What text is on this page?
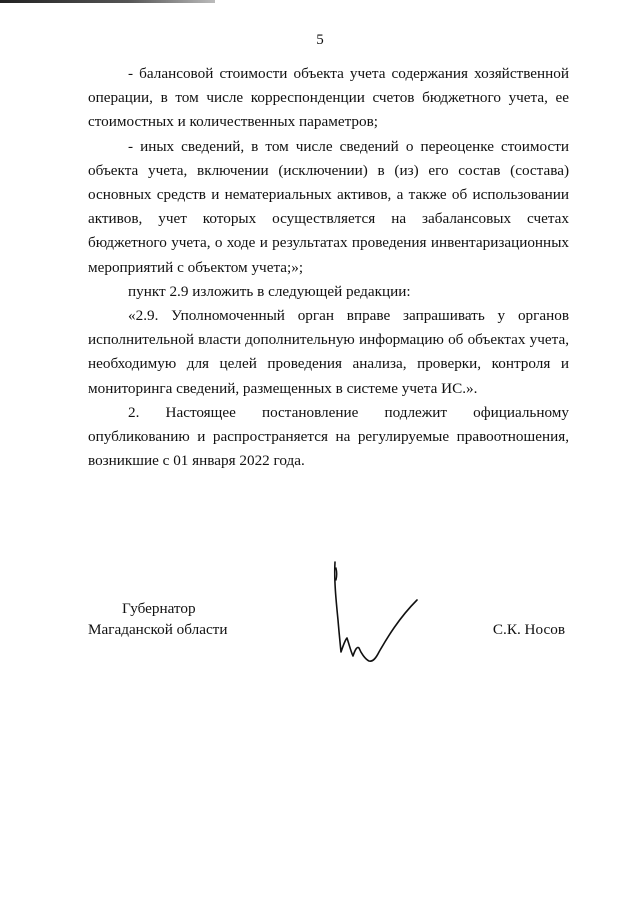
5

- балансовой стоимости объекта учета содержания хозяйственной операции, в том числе корреспонденции счетов бюджетного учета, ее стоимостных и количественных параметров;

- иных сведений, в том числе сведений о переоценке стоимости объекта учета, включении (исключении) в (из) его состав (состава) основных средств и нематериальных активов, а также об использовании активов, учет которых осуществляется на забалансовых счетах бюджетного учета, о ходе и результатах проведения инвентаризационных мероприятий с объектом учета;»;

пункт 2.9 изложить в следующей редакции:

«2.9. Уполномоченный орган вправе запрашивать у органов исполнительной власти дополнительную информацию об объектах учета, необходимую для целей проведения анализа, проверки, контроля и мониторинга сведений, размещенных в системе учета ИС.».

2. Настоящее постановление подлежит официальному опубликованию и распространяется на регулируемые правоотношения, возникшие с 01 января 2022 года.

Губернатор
Магаданской области	С.К. Носов
